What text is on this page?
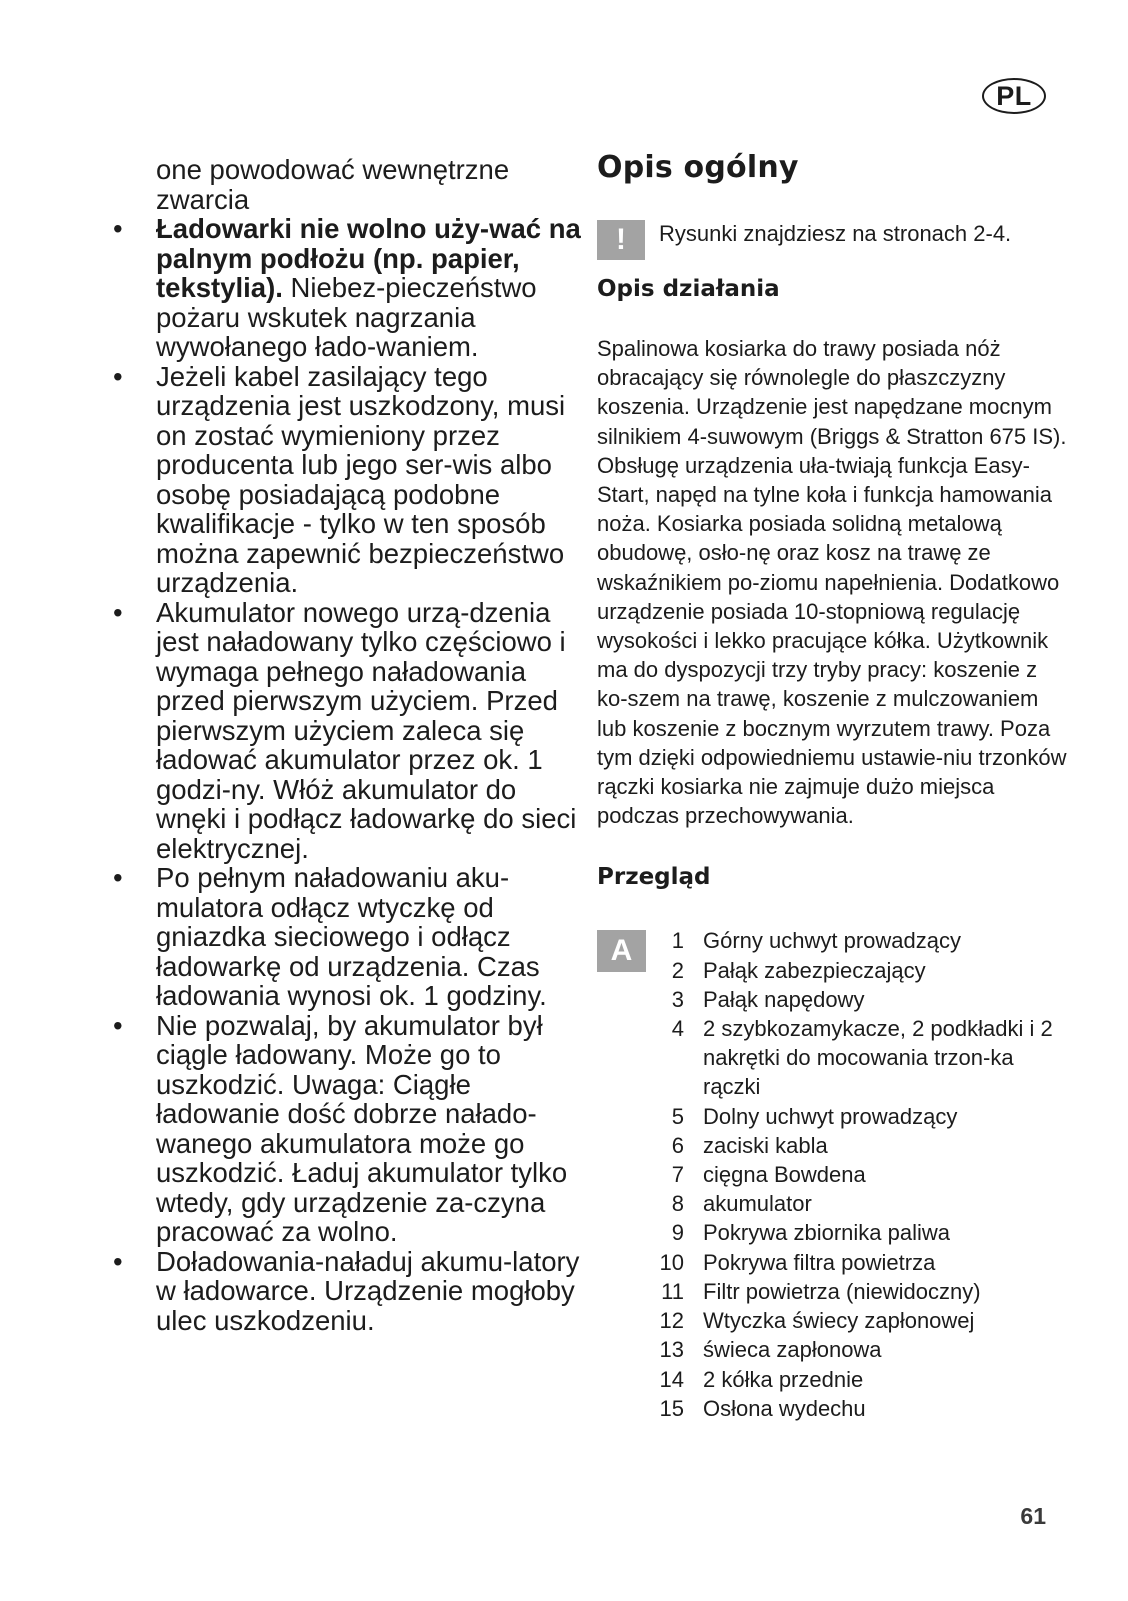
PL
one powodować wewnętrzne zwarcia
•	Ładowarki nie wolno uży-wać na palnym podłożu (np. papier, tekstylia). Niebez-pieczeństwo pożaru wskutek nagrzania wywołanego łado-waniem.
•	Jeżeli kabel zasilający tego urządzenia jest uszkodzony, musi on zostać wymieniony przez producenta lub jego ser-wis albo osobę posiadającą podobne kwalifikacje - tylko w ten sposób można zapewnić bezpieczeństwo urządzenia.
•	Akumulator nowego urzą-dzenia jest naładowany tylko częściowo i wymaga pełnego naładowania przed pierwszym użyciem. Przed pierwszym użyciem zaleca się ładować akumulator przez ok. 1 godzi-ny. Włóż akumulator do wnęki i podłącz ładowarkę do sieci elektrycznej.
•	Po pełnym naładowaniu aku-mulatora odłącz wtyczkę od gniazdka sieciowego i odłącz ładowarkę od urządzenia. Czas ładowania wynosi ok. 1 godziny.
•	Nie pozwalaj, by akumulator był ciągle ładowany. Może go to uszkodzić. Uwaga: Ciągłe ładowanie dość dobrze nałado-wanego akumulatora może go uszkodzić. Ładuj akumulator tylko wtedy, gdy urządzenie za-czyna pracować za wolno.
•	Doładowania-naładuj akumu-latory w ładowarce. Urządzenie mogłoby ulec uszkodzeniu.
Opis ogólny
!	Rysunki znajdziesz na stronach 2-4.
Opis działania

Spalinowa kosiarka do trawy posiada nóż obracający się równolegle do płaszczyzny koszenia. Urządzenie jest napędzane mocnym silnikiem 4-suwowym (Briggs & Stratton 675 IS). Obsługę urządzenia uła-twiają funkcja Easy-Start, napęd na tylne koła i funkcja hamowania noża. Kosiarka posiada solidną metalową obudowę, osło-nę oraz kosz na trawę ze wskaźnikiem po-ziomu napełnienia. Dodatkowo urządzenie posiada 10-stopniową regulację wysokości i lekko pracujące kółka. Użytkownik ma do dyspozycji trzy tryby pracy: koszenie z ko-szem na trawę, koszenie z mulczowaniem lub koszenie z bocznym wyrzutem trawy. Poza tym dzięki odpowiedniemu ustawie-niu trzonków rączki kosiarka nie zajmuje dużo miejsca podczas przechowywania.

Przegląd
A	1 Górny uchwyt prowadzący
2 Pałąk zabezpieczający
3 Pałąk napędowy
4 2 szybkozamykacze, 2 podkładki i 2 nakrętki do mocowania trzon-ka rączki
5 Dolny uchwyt prowadzący
6 zaciski kabla
7 cięgna Bowdena
8 akumulator
9 Pokrywa zbiornika paliwa
10 Pokrywa filtra powietrza
11 Filtr powietrza (niewidoczny)
12 Wtyczka świecy zapłonowej
13 świeca zapłonowa
14 2 kółka przednie
15 Osłona wydechu
61
